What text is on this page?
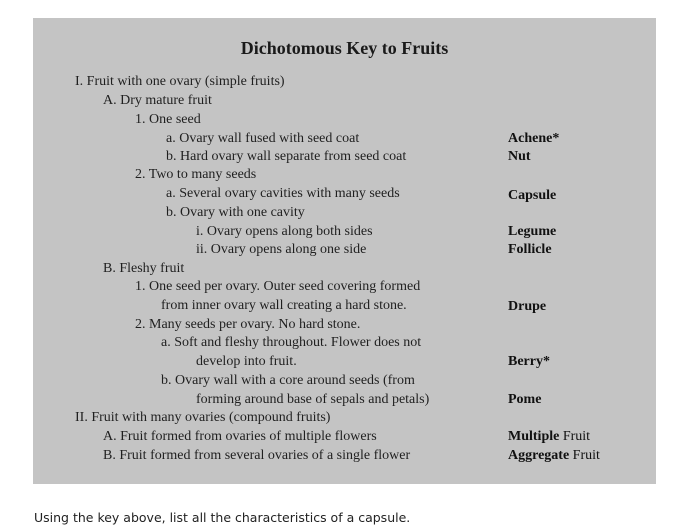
Dichotomous Key to Fruits
I. Fruit with one ovary (simple fruits)
A. Dry mature fruit
1. One seed
a. Ovary wall fused with seed coat
b. Hard ovary wall separate from seed coat
2. Two to many seeds
a. Several ovary cavities with many seeds
b. Ovary with one cavity
i. Ovary opens along both sides
ii. Ovary opens along one side
B. Fleshy fruit
1. One seed per ovary. Outer seed covering formed
from inner ovary wall creating a hard stone.
2. Many seeds per ovary. No hard stone.
a. Soft and fleshy throughout. Flower does not
develop into fruit.
b. Ovary wall with a core around seeds (from
forming around base of sepals and petals)
II. Fruit with many ovaries (compound fruits)
A. Fruit formed from ovaries of multiple flowers
B. Fruit formed from several ovaries of a single flower
Achene*
Nut
Capsule
Legume
Follicle
Drupe
Berry*
Pome
Multiple Fruit
Aggregate Fruit
Using the key above, list all the characteristics of a capsule.
